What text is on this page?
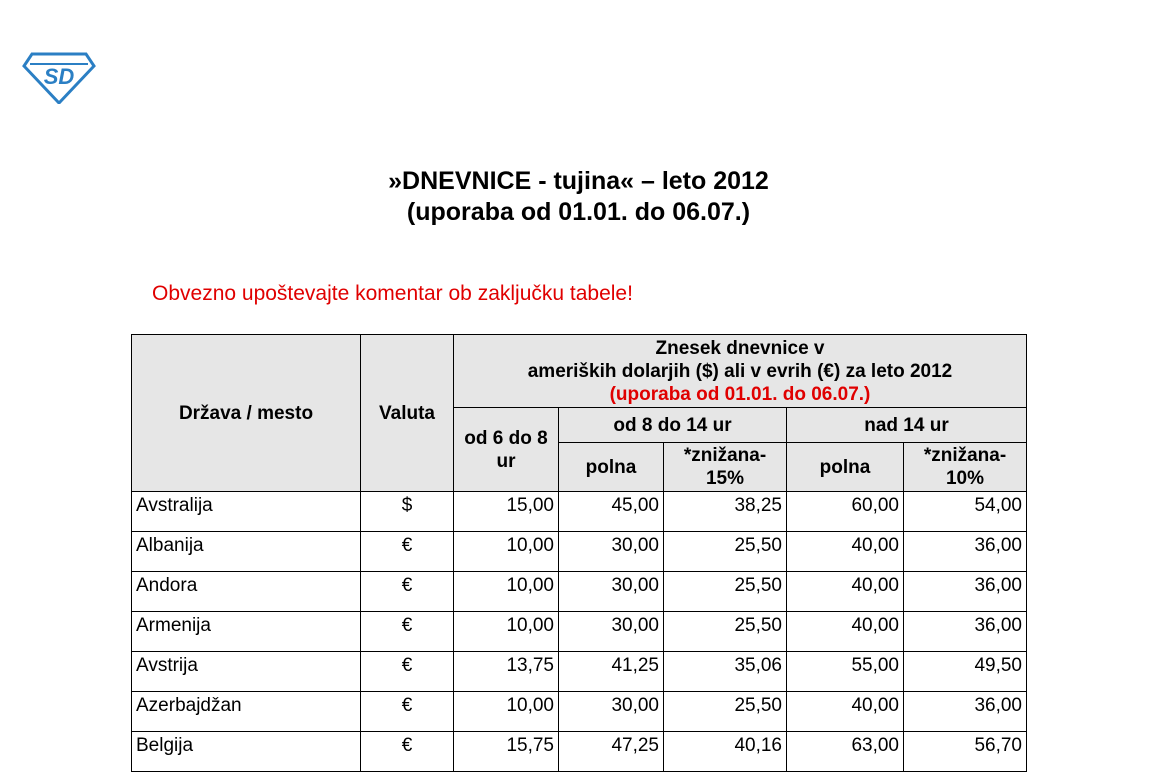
SD
»DNEVNICE - tujina« – leto 2012
(uporaba od 01.01. do 06.07.)
Obvezno upoštevajte komentar ob zaključku tabele!
Država / mesto	Valuta	Znesek dnevnice v
ameriških dolarjih ($) ali v evrih (€) za leto 2012
(uporaba od 01.01. do 06.07.)				

		od 6 do 8 ur	od 8 do 14 ur		nad 14 ur	
			polna	*znižana-15%	polna	*znižana-10%
Avstralija	$	15,00	45,00	38,25	60,00	54,00
Albanija	€	10,00	30,00	25,50	40,00	36,00
Andora	€	10,00	30,00	25,50	40,00	36,00
Armenija	€	10,00	30,00	25,50	40,00	36,00
Avstrija	€	13,75	41,25	35,06	55,00	49,50
Azerbajdžan	€	10,00	30,00	25,50	40,00	36,00
Belgija	€	15,75	47,25	40,16	63,00	56,70
